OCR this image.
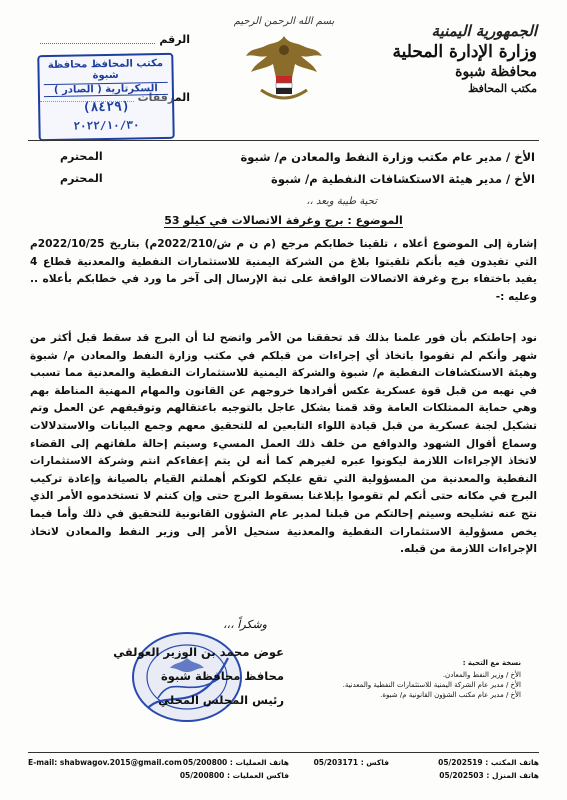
الجمهورية اليمنية
وزارة الإدارة المحلية
محافظة شبوة
مكتب المحافظ
بسم الله الرحمن الرحيم
الرقم
المرفقات
مكتب المحافظ محافظة شبوة
السكرتارية ( الصادر )
(٨٤٢٩)
٢٠٢٢/١٠/٣٠
الأخ / مدير عام مكتب وزارة النفط والمعادن م/ شبوة
المحترم
الأخ / مدير هيئة الاستكشافات النفطية م/ شبوة
المحترم
تحية طيبة وبعد ،،
الموضوع : برج وغرفة الاتصالات في كيلو 53
إشارة إلى الموضوع أعلاه ، تلقينا خطابكم مرجع (م ن م ش/2022/210م) بتاريخ 2022/10/25م التي تفيدون فيه بأنكم تلقيتوا بلاغ من الشركة اليمنية للاستثمارات النفطية والمعدنية قطاع 4 يفيد باختفاء برج وغرفة الاتصالات الواقعة على تبة الإرسال إلى آخر ما ورد في خطابكم بأعلاه .. وعليه :-
نود إحاطتكم بأن فور علمنا بذلك قد تحققنا من الأمر واتضح لنا أن البرج قد سقط قبل أكثر من شهر وأنكم لم تقوموا باتخاذ أي إجراءات من قبلكم في مكتب وزارة النفط والمعادن م/ شبوة وهيئة الاستكشافات النفطية م/ شبوة والشركة اليمنية للاستثمارات النفطية والمعدنية مما تسبب في نهبه من قبل قوة عسكرية عكس أفرادها خروجهم عن القانون والمهام المهنية المناطة بهم وهي حماية الممتلكات العامة وقد قمنا بشكل عاجل بالتوجيه باعتقالهم وتوقيفهم عن العمل وتم تشكيل لجنة عسكرية من قبل قيادة اللواء التابعين له للتحقيق معهم وجمع البيانات والاستدلالات وسماع أقوال الشهود والدوافع من خلف ذلك العمل المسيء وسيتم إحالة ملفاتهم إلى القضاء لاتخاذ الإجراءات اللازمة ليكونوا عبره لغيرهم كما أنه لن يتم إعفاءكم انتم وشركة الاستثمارات النفطية والمعدنية من المسؤولية التي تقع عليكم لكونكم أهملتم القيام بالصيانة وإعادة تركيب البرج في مكانه حتى أنكم لم تقوموا بإبلاغنا بسقوط البرج حتى وإن كنتم لا تستخدموه الأمر الذي نتج عنه تشليحه وسيتم إحالتكم من قبلنا لمدير عام الشؤون القانونية للتحقيق في ذلك وأما فيما يخص مسؤولية الاستثمارات النفطية والمعدنية سنحيل الأمر إلى وزير النفط والمعادن لاتخاذ الإجراءات اللازمة من قبله.
وشكراً ،،،
عوض محمد بن الوزير العولقي
محافظ محافظة شبوة
رئيس المجلس المحلي
نسخة مع التحية :
الأخ / وزير النفط والمعادن.
الأخ / مدير عام الشركة اليمنية للاستثمارات النفطية والمعدنية.
الأخ / مدير عام مكتب الشؤون القانونية م/ شبوة.
هاتف المكتب : 05/202519
هاتف المنزل : 05/202503
فاكس : 05/203171
هاتف العمليات : 05/200800
فاكس العمليات : 05/200800
E-mail: shabwagov.2015@gmail.com
